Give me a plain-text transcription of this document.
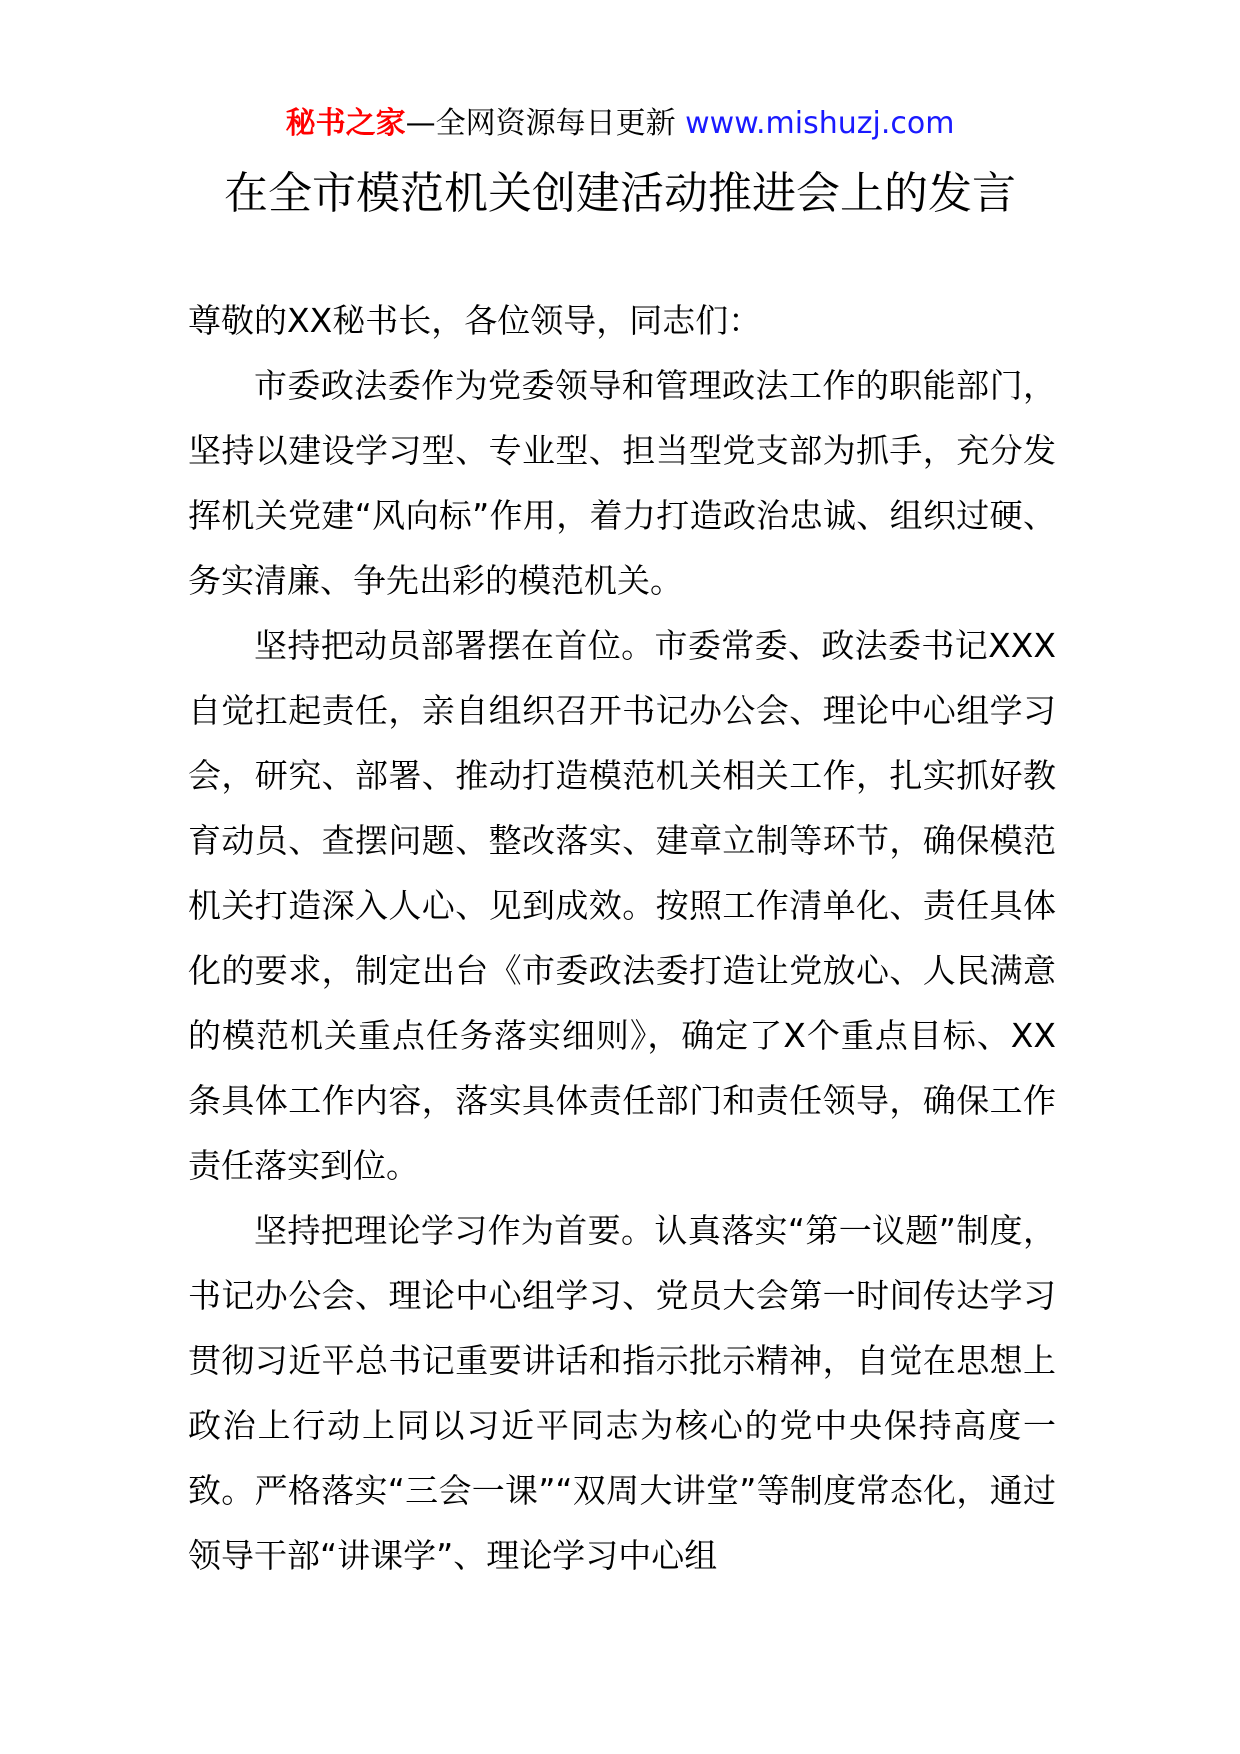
秘书之家—全网资源每日更新 www.mishuzj.com
在全市模范机关创建活动推进会上的发言

尊敬的XX秘书长，各位领导，同志们：

市委政法委作为党委领导和管理政法工作的职能部门，坚持以建设学习型、专业型、担当型党支部为抓手，充分发挥机关党建“风向标”作用，着力打造政治忠诚、组织过硬、务实清廉、争先出彩的模范机关。

坚持把动员部署摆在首位。市委常委、政法委书记XXX自觉扛起责任，亲自组织召开书记办公会、理论中心组学习会，研究、部署、推动打造模范机关相关工作，扎实抓好教育动员、查摆问题、整改落实、建章立制等环节，确保模范机关打造深入人心、见到成效。按照工作清单化、责任具体化的要求，制定出台《市委政法委打造让党放心、人民满意的模范机关重点任务落实细则》，确定了X个重点目标、XX条具体工作内容，落实具体责任部门和责任领导，确保工作责任落实到位。

坚持把理论学习作为首要。认真落实“第一议题”制度，书记办公会、理论中心组学习、党员大会第一时间传达学习贯彻习近平总书记重要讲话和指示批示精神，自觉在思想上政治上行动上同以习近平同志为核心的党中央保持高度一致。严格落实“三会一课”“双周大讲堂”等制度常态化，通过领导干部“讲课学”、理论学习中心组
